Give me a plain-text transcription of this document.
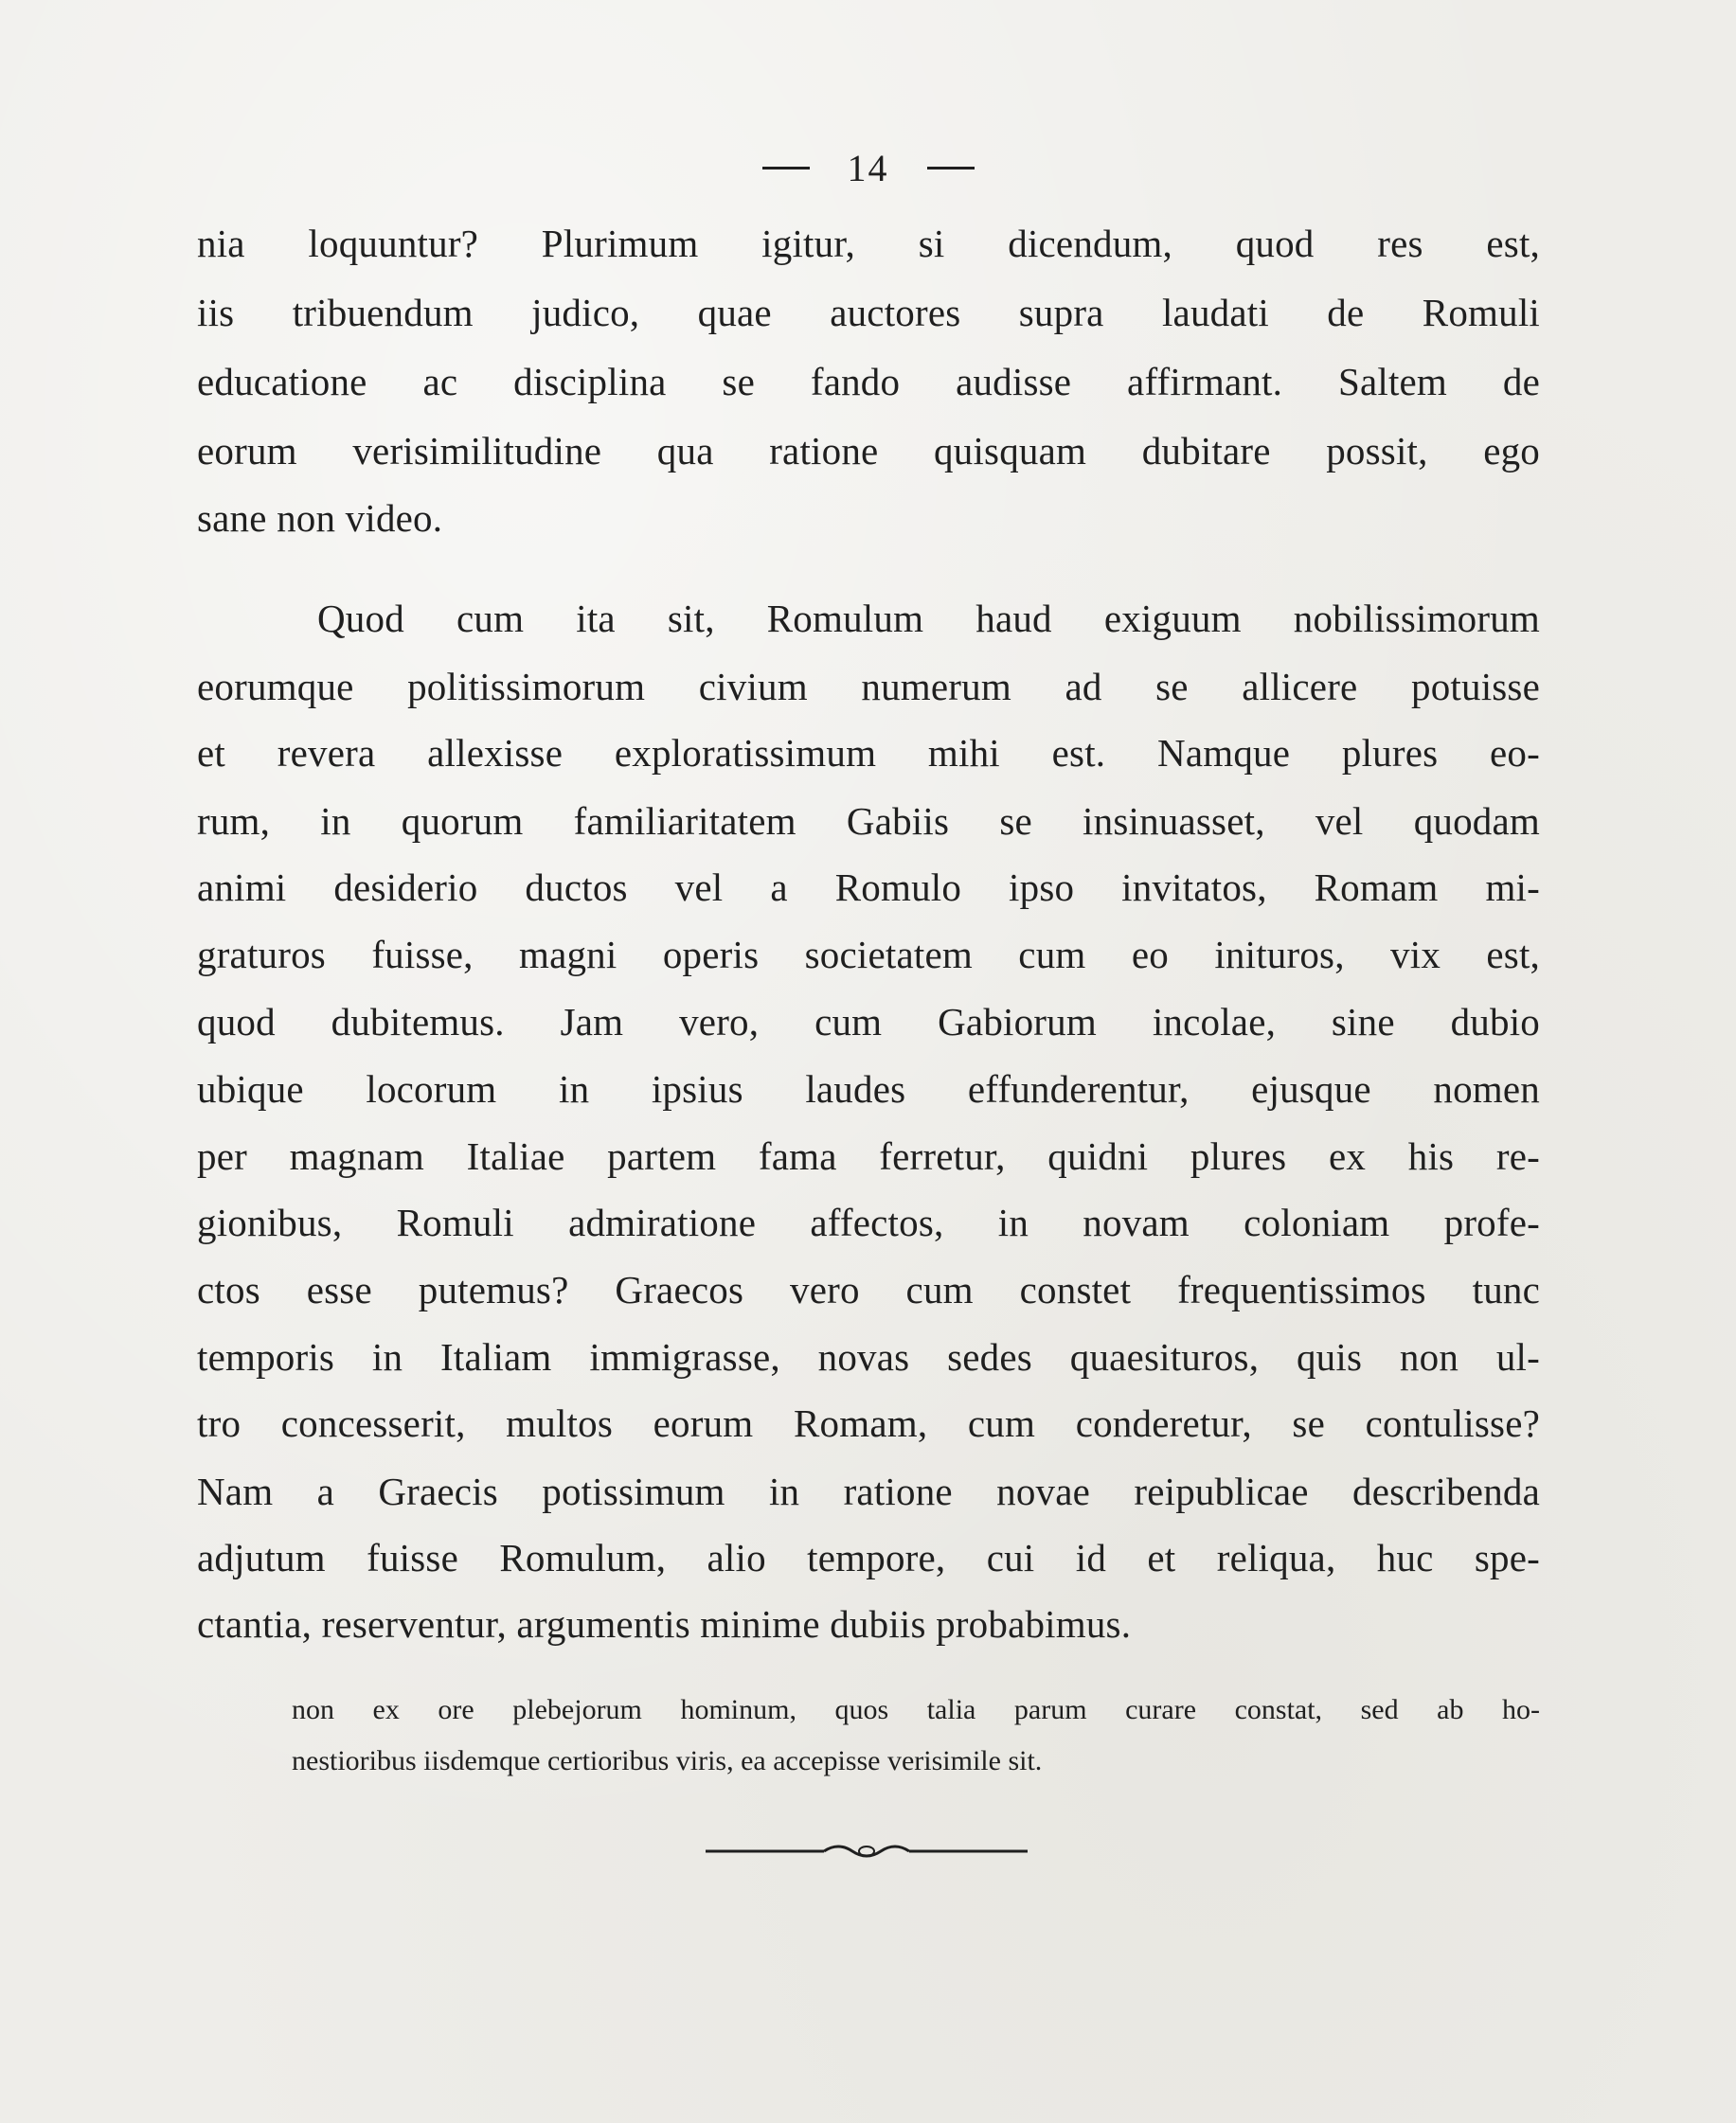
14
nia loquuntur? Plurimum igitur, si dicendum, quod res est,
iis tribuendum judico, quae auctores supra laudati de Romuli
educatione ac disciplina se fando audisse affirmant. Saltem de
eorum verisimilitudine qua ratione quisquam dubitare possit, ego
sane non video.
Quod cum ita sit, Romulum haud exiguum nobilissimorum
eorumque politissimorum civium numerum ad se allicere potuisse
et revera allexisse exploratissimum mihi est. Namque plures eo-
rum, in quorum familiaritatem Gabiis se insinuasset, vel quodam
animi desiderio ductos vel a Romulo ipso invitatos, Romam mi-
graturos fuisse, magni operis societatem cum eo inituros, vix est,
quod dubitemus. Jam vero, cum Gabiorum incolae, sine dubio
ubique locorum in ipsius laudes effunderentur, ejusque nomen
per magnam Italiae partem fama ferretur, quidni plures ex his re-
gionibus, Romuli admiratione affectos, in novam coloniam profe-
ctos esse putemus? Graecos vero cum constet frequentissimos tunc
temporis in Italiam immigrasse, novas sedes quaesituros, quis non ul-
tro concesserit, multos eorum Romam, cum conderetur, se contulisse?
Nam a Graecis potissimum in ratione novae reipublicae describenda
adjutum fuisse Romulum, alio tempore, cui id et reliqua, huc spe-
ctantia, reserventur, argumentis minime dubiis probabimus.
non ex ore plebejorum hominum, quos talia parum curare constat, sed ab ho-
nestioribus iisdemque certioribus viris, ea accepisse verisimile sit.
